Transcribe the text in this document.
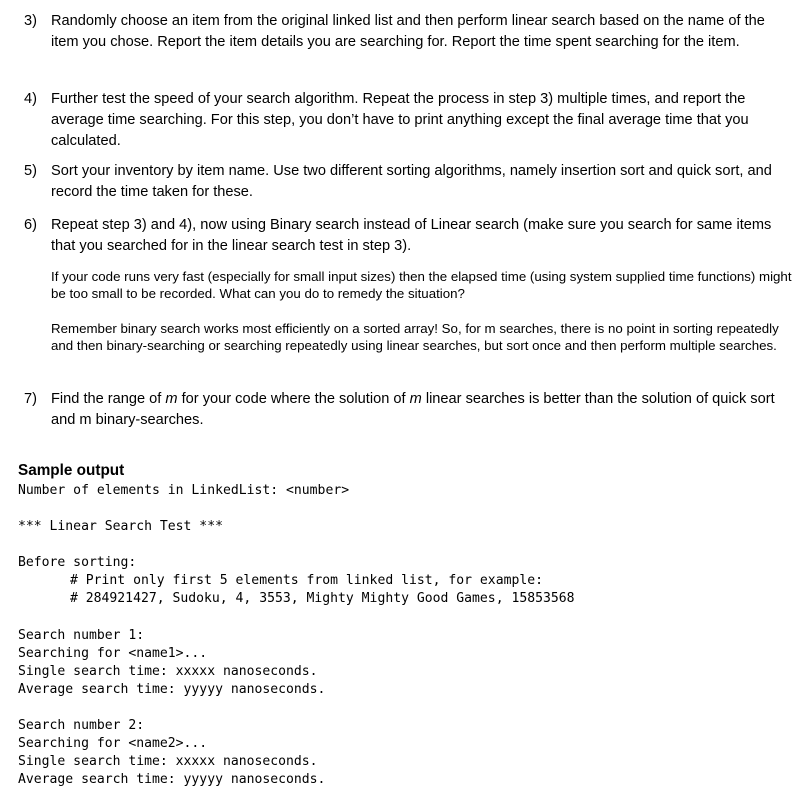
3) Randomly choose an item from the original linked list and then perform linear search based on the name of the item you chose. Report the item details you are searching for. Report the time spent searching for the item.
4) Further test the speed of your search algorithm. Repeat the process in step 3) multiple times, and report the average time searching. For this step, you don’t have to print anything except the final average time that you calculated.
5) Sort your inventory by item name. Use two different sorting algorithms, namely insertion sort and quick sort, and record the time taken for these.
6) Repeat step 3) and 4), now using Binary search instead of Linear search (make sure you search for same items that you searched for in the linear search test in step 3).
If your code runs very fast (especially for small input sizes) then the elapsed time (using system supplied time functions) might be too small to be recorded. What can you do to remedy the situation?
Remember binary search works most efficiently on a sorted array! So, for m searches, there is no point in sorting repeatedly and then binary-searching or searching repeatedly using linear searches, but sort once and then perform multiple searches.
7) Find the range of m for your code where the solution of m linear searches is better than the solution of quick sort and m binary-searches.
Sample output
Number of elements in LinkedList: <number>
*** Linear Search Test ***
Before sorting:
# Print only first 5 elements from linked list, for example:
# 284921427, Sudoku, 4, 3553, Mighty Mighty Good Games, 15853568
Search number 1:
Searching for <name1>...
Single search time: xxxxx nanoseconds.
Average search time: yyyyy nanoseconds.
Search number 2:
Searching for <name2>...
Single search time: xxxxx nanoseconds.
Average search time: yyyyy nanoseconds.
